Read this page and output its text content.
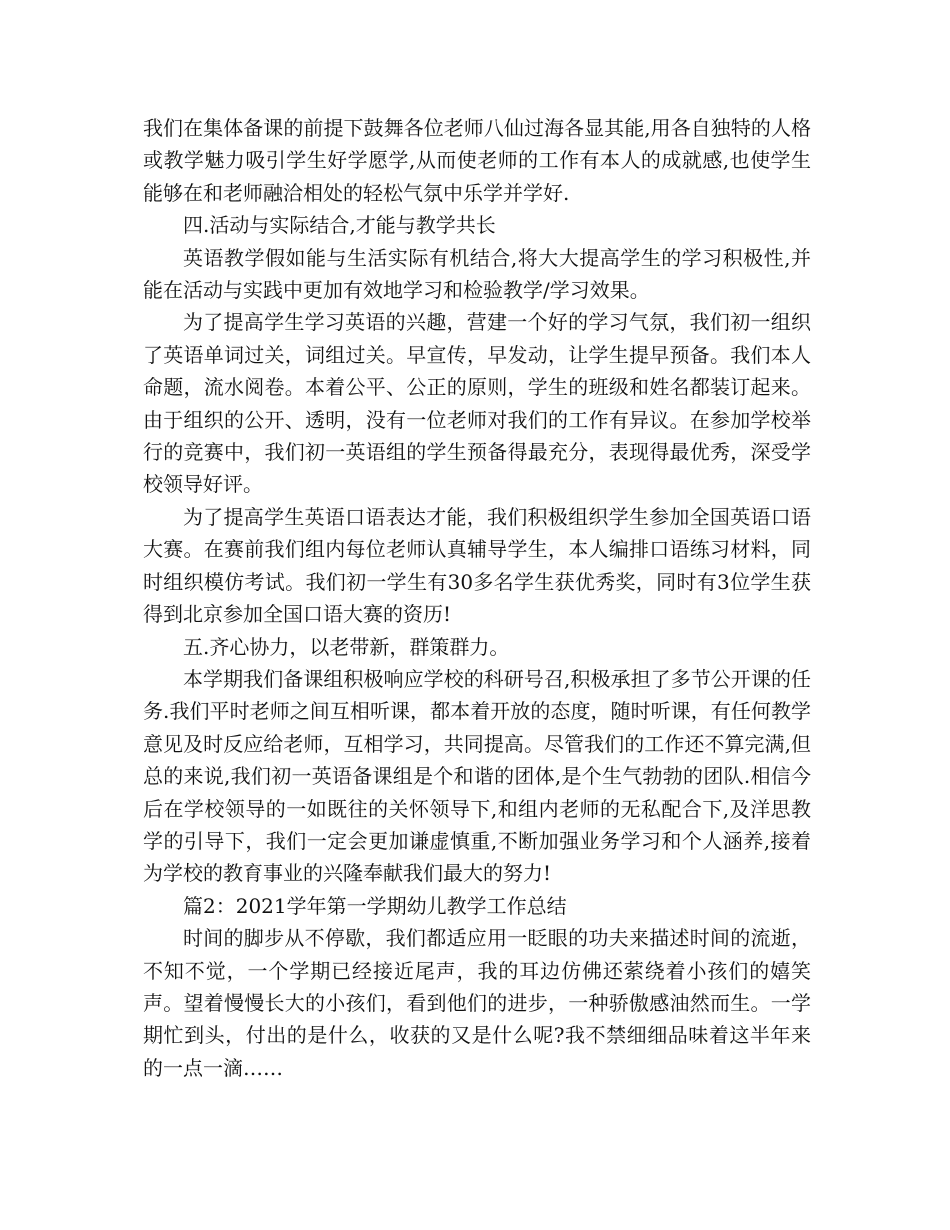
我们在集体备课的前提下鼓舞各位老师八仙过海各显其能,用各自独特的人格或教学魅力吸引学生好学愿学,从而使老师的工作有本人的成就感,也使学生能够在和老师融洽相处的轻松气氛中乐学并学好.

四.活动与实际结合,才能与教学共长

英语教学假如能与生活实际有机结合,将大大提高学生的学习积极性,并能在活动与实践中更加有效地学习和检验教学/学习效果。

为了提高学生学习英语的兴趣，营建一个好的学习气氛，我们初一组织了英语单词过关，词组过关。早宣传，早发动，让学生提早预备。我们本人命题，流水阅卷。本着公平、公正的原则，学生的班级和姓名都装订起来。由于组织的公开、透明，没有一位老师对我们的工作有异议。在参加学校举行的竞赛中，我们初一英语组的学生预备得最充分，表现得最优秀，深受学校领导好评。

为了提高学生英语口语表达才能，我们积极组织学生参加全国英语口语大赛。在赛前我们组内每位老师认真辅导学生，本人编排口语练习材料，同时组织模仿考试。我们初一学生有30多名学生获优秀奖，同时有3位学生获得到北京参加全国口语大赛的资历!

五.齐心协力，以老带新，群策群力。

本学期我们备课组积极响应学校的科研号召,积极承担了多节公开课的任务.我们平时老师之间互相听课，都本着开放的态度，随时听课，有任何教学意见及时反应给老师，互相学习，共同提高。尽管我们的工作还不算完满,但总的来说,我们初一英语备课组是个和谐的团体,是个生气勃勃的团队.相信今后在学校领导的一如既往的关怀领导下,和组内老师的无私配合下,及洋思教学的引导下，我们一定会更加谦虚慎重,不断加强业务学习和个人涵养,接着为学校的教育事业的兴隆奉献我们最大的努力!

篇2：2021学年第一学期幼儿教学工作总结

时间的脚步从不停歇，我们都适应用一眨眼的功夫来描述时间的流逝，不知不觉，一个学期已经接近尾声，我的耳边仿佛还萦绕着小孩们的嬉笑声。望着慢慢长大的小孩们，看到他们的进步，一种骄傲感油然而生。一学期忙到头，付出的是什么，收获的又是什么呢?我不禁细细品味着这半年来的一点一滴……
